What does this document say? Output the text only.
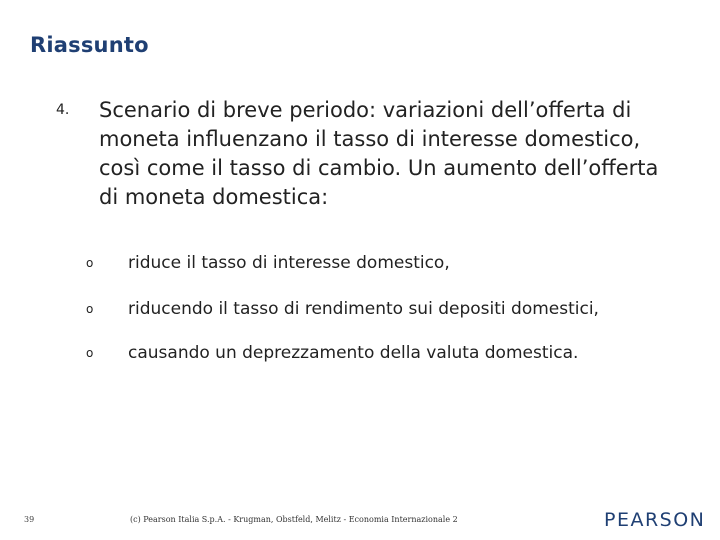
Riassunto
4. Scenario di breve periodo: variazioni dell’offerta di moneta influenzano il tasso di interesse domestico, così come il tasso di cambio. Un aumento dell’offerta di moneta domestica:
o riduce il tasso di interesse domestico,
o riducendo il tasso di rendimento sui depositi domestici,
o causando un deprezzamento della valuta domestica.
39	(c) Pearson Italia S.p.A. - Krugman, Obstfeld, Melitz - Economia Internazionale 2	PEARSON
